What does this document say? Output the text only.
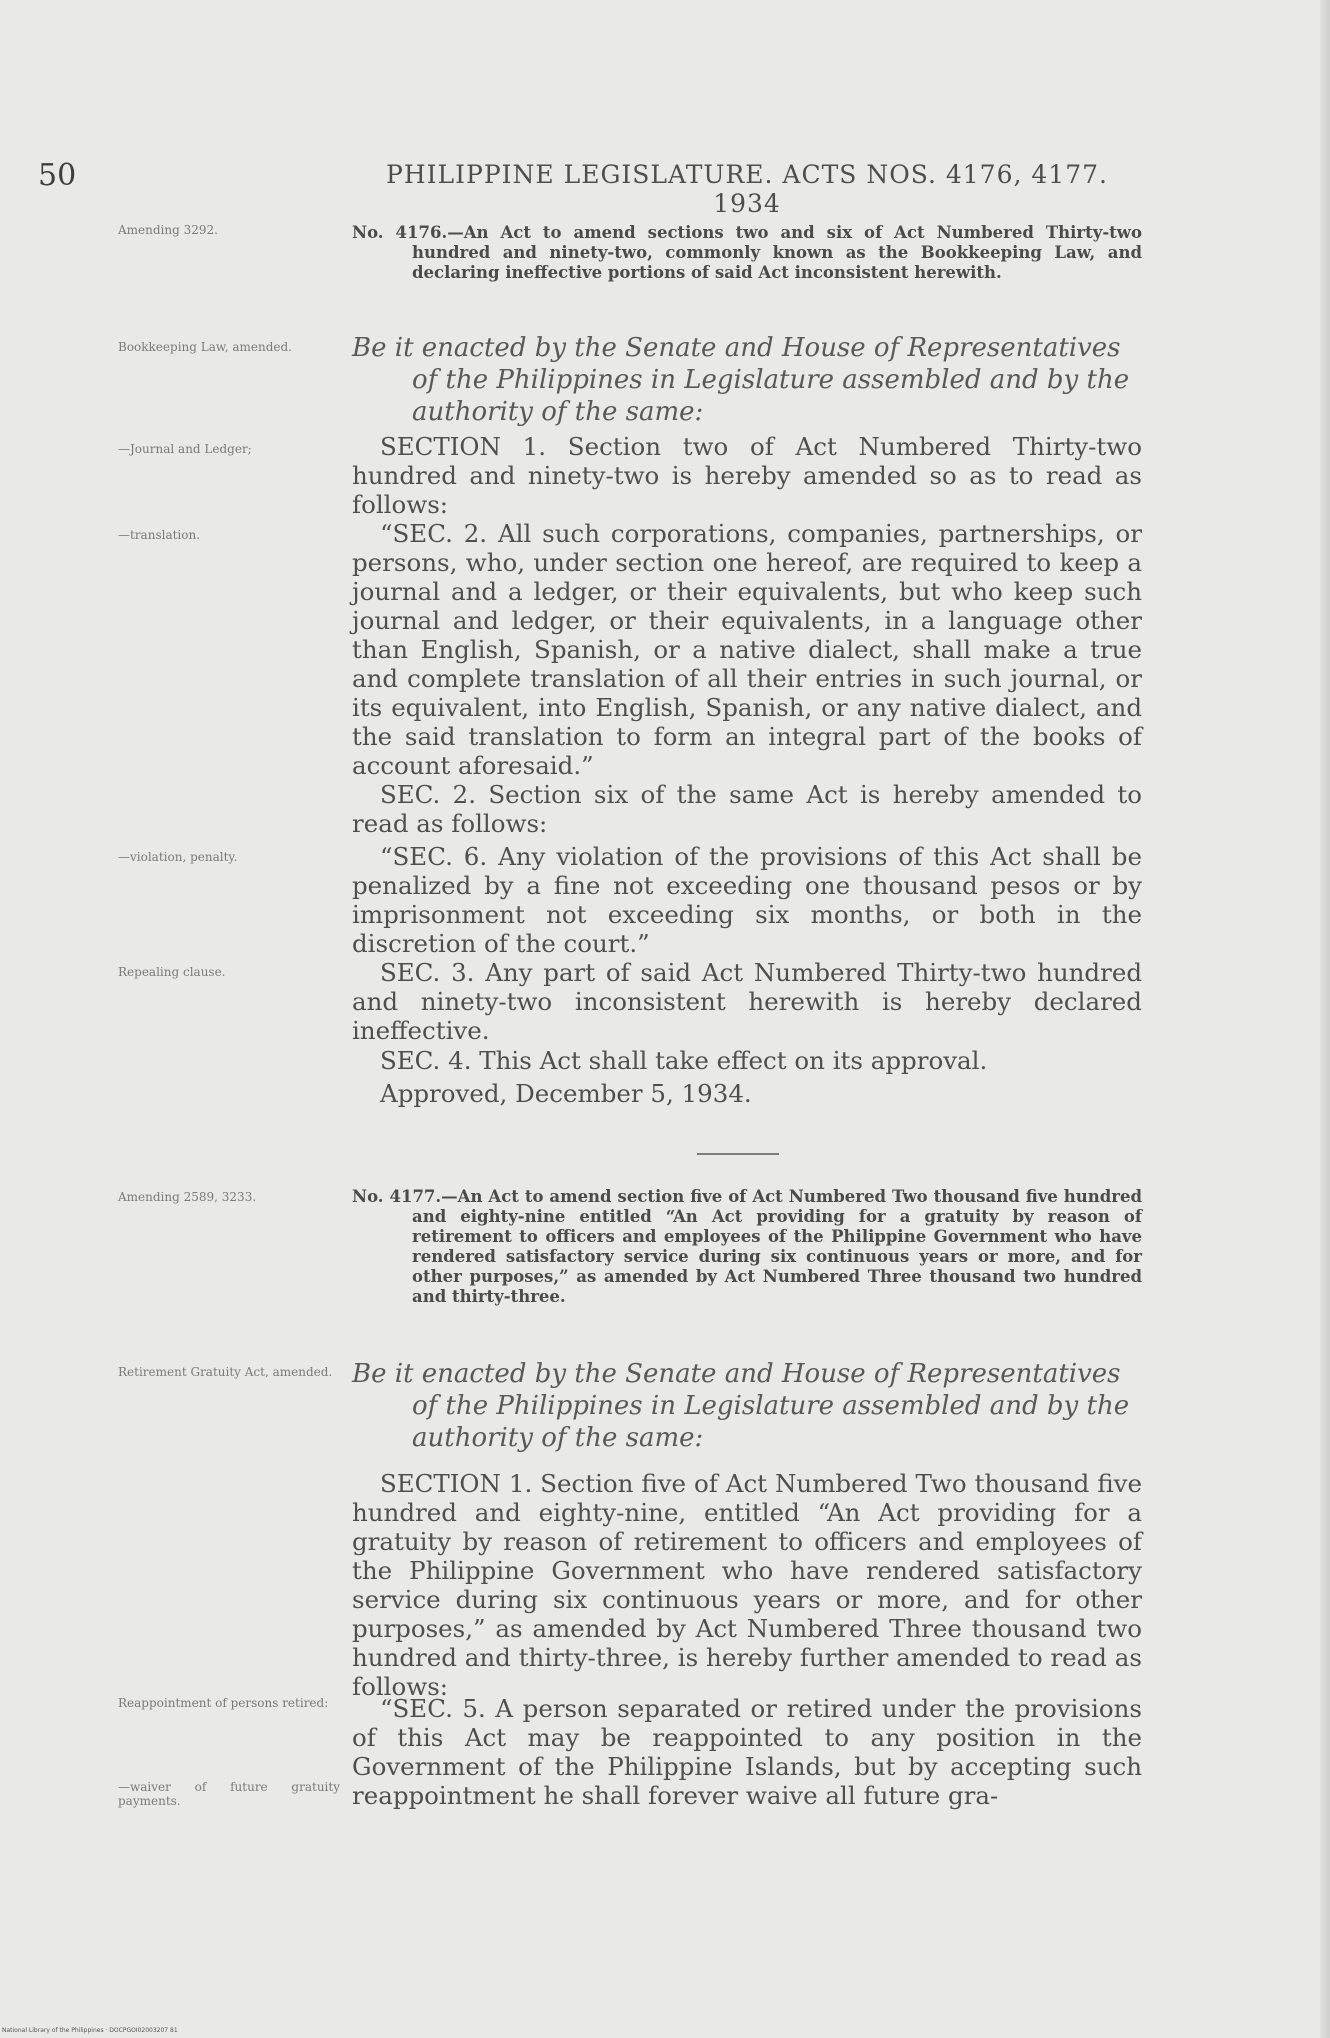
50	PHILIPPINE LEGISLATURE. ACTS NOS. 4176, 4177. 1934
Amending 3292.	No. 4176.—An Act to amend sections two and six of Act Numbered Thirty-two hundred and ninety-two, commonly known as the Bookkeeping Law, and declaring ineffective portions of said Act inconsistent herewith.
Bookkeeping Law, amended.	Be it enacted by the Senate and House of Representatives of the Philippines in Legislature assembled and by the authority of the same:
—Journal and Ledger;	SECTION 1. Section two of Act Numbered Thirty-two hundred and ninety-two is hereby amended so as to read as follows:
—translation.	“SEC. 2. All such corporations, companies, partnerships, or persons, who, under section one hereof, are required to keep a journal and a ledger, or their equivalents, but who keep such journal and ledger, or their equivalents, in a language other than English, Spanish, or a native dialect, shall make a true and complete translation of all their entries in such journal, or its equivalent, into English, Spanish, or any native dialect, and the said translation to form an integral part of the books of account aforesaid.”
SEC. 2. Section six of the same Act is hereby amended to read as follows:
—violation, penalty.	“SEC. 6. Any violation of the provisions of this Act shall be penalized by a fine not exceeding one thousand pesos or by imprisonment not exceeding six months, or both in the discretion of the court.”
Repealing clause.	SEC. 3. Any part of said Act Numbered Thirty-two hundred and ninety-two inconsistent herewith is hereby declared ineffective.
SEC. 4. This Act shall take effect on its approval.
Approved, December 5, 1934.
Amending 2589, 3233.	No. 4177.—An Act to amend section five of Act Numbered Two thousand five hundred and eighty-nine entitled “An Act providing for a gratuity by reason of retirement to officers and employees of the Philippine Government who have rendered satisfactory service during six continuous years or more, and for other purposes,” as amended by Act Numbered Three thousand two hundred and thirty-three.
Retirement Gratuity Act, amended. Be it enacted by the Senate and House of Representatives of the Philippines in Legislature assembled and by the authority of the same:
SECTION 1. Section five of Act Numbered Two thousand five hundred and eighty-nine, entitled “An Act providing for a gratuity by reason of retirement to officers and employees of the Philippine Government who have rendered satisfactory service during six continuous years or more, and for other purposes,” as amended by Act Numbered Three thousand two hundred and thirty-three, is hereby further amended to read as follows:
Reappointment of persons retired:
—waiver of future gratuity payments.
“SEC. 5. A person separated or retired under the provisions of this Act may be reappointed to any position in the Government of the Philippine Islands, but by accepting such reappointment he shall forever waive all future gra-
National Library of the Philippines · DOCPGOI02003207 81
